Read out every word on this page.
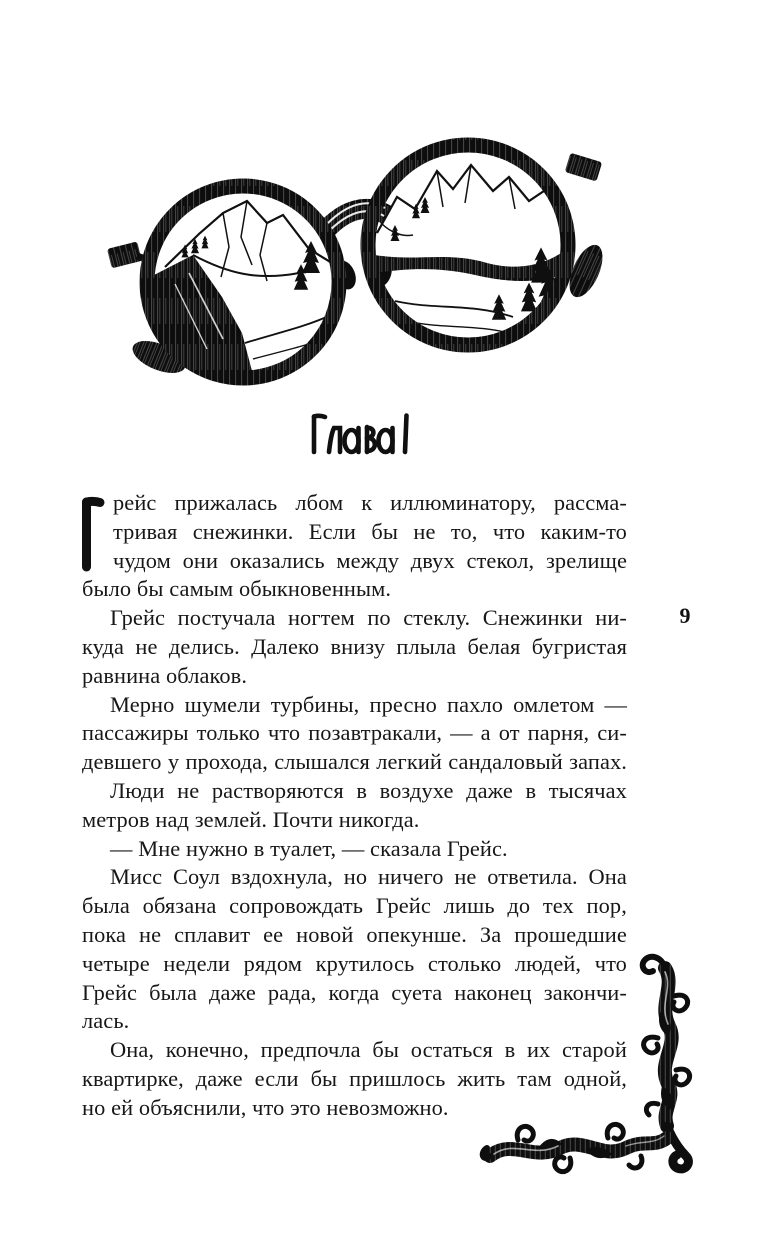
9
рейс прижалась лбом к иллюминатору, рассма-
тривая снежинки. Если бы не то, что каким-то
чудом они оказались между двух стекол, зрелище
было бы самым обыкновенным.
Грейс постучала ногтем по стеклу. Снежинки ни-
куда не делись. Далеко внизу плыла белая бугристая
равнина облаков.
Мерно шумели турбины, пресно пахло омлетом —
пассажиры только что позавтракали, — а от парня, си-
девшего у прохода, слышался легкий сандаловый запах.
Люди не растворяются в воздухе даже в тысячах
метров над землей. Почти никогда.
— Мне нужно в туалет, — сказала Грейс.
Мисс Соул вздохнула, но ничего не ответила. Она
была обязана сопровождать Грейс лишь до тех пор,
пока не сплавит ее новой опекунше. За прошедшие
четыре недели рядом крутилось столько людей, что
Грейс была даже рада, когда суета наконец закончи-
лась.
Она, конечно, предпочла бы остаться в их старой
квартирке, даже если бы пришлось жить там одной,
но ей объяснили, что это невозможно.
